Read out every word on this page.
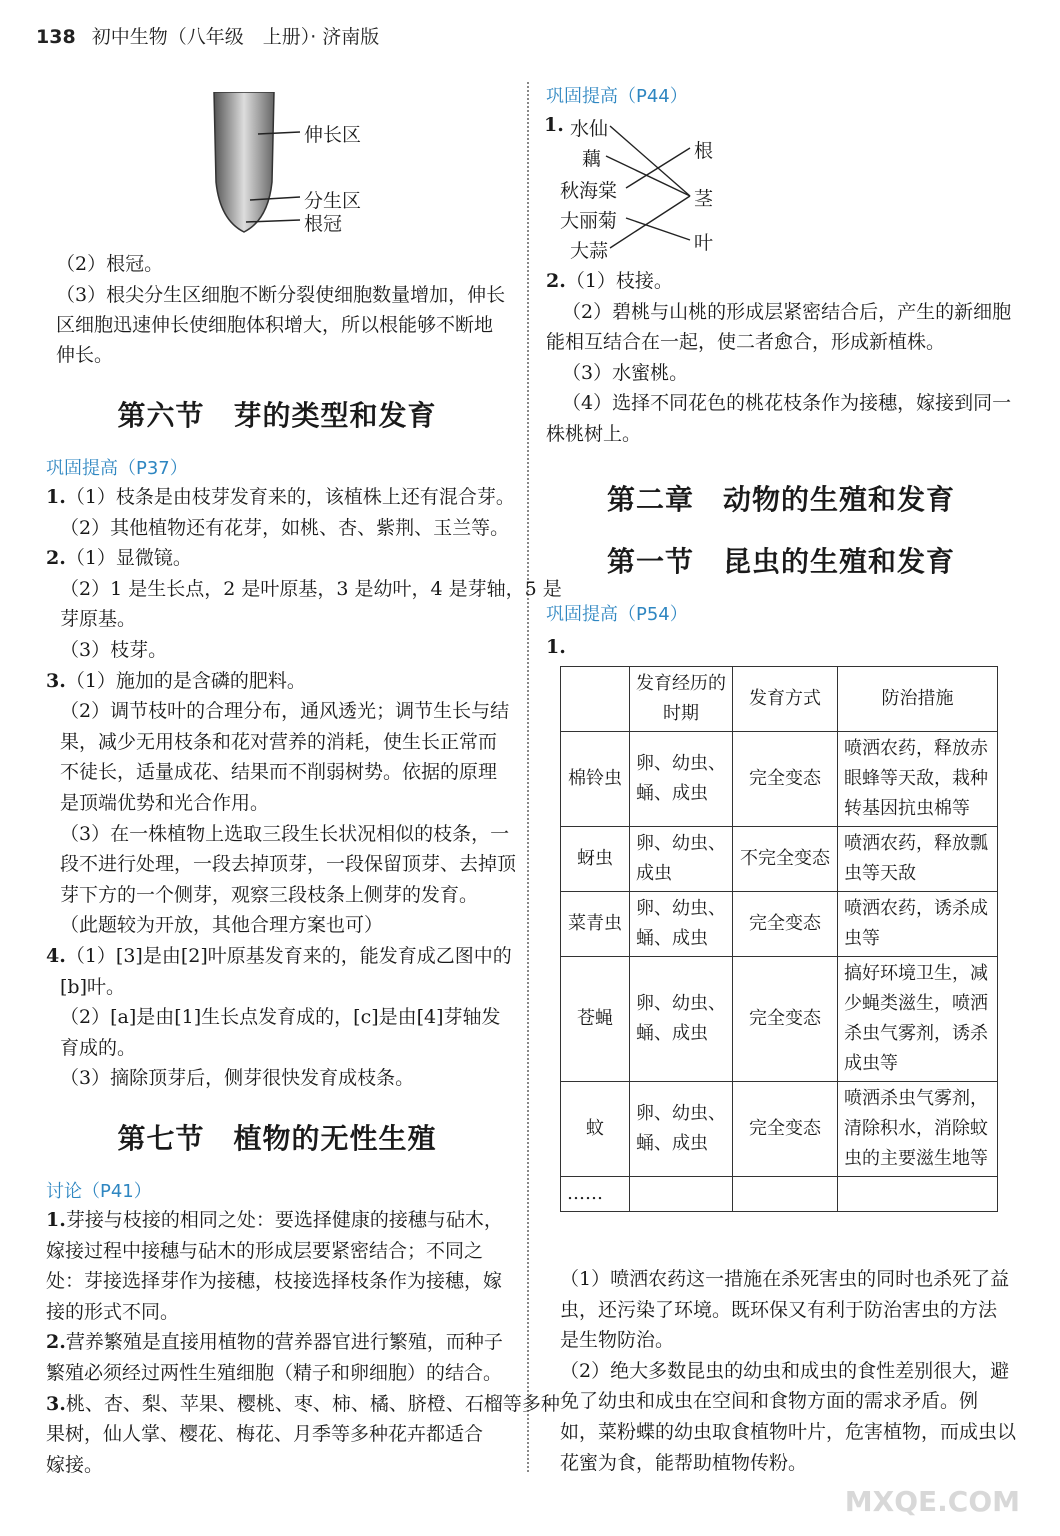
138 初中生物（八年级　上册）· 济南版
伸长区
分生区
根冠
（2）根冠。
（3）根尖分生区细胞不断分裂使细胞数量增加，伸长
区细胞迅速伸长使细胞体积增大，所以根能够不断地
伸长。
第六节　芽的类型和发育
巩固提高（P37）
1.（1）枝条是由枝芽发育来的，该植株上还有混合芽。
（2）其他植物还有花芽，如桃、杏、紫荆、玉兰等。
2.（1）显微镜。
（2）1 是生长点，2 是叶原基，3 是幼叶，4 是芽轴，5 是
芽原基。
（3）枝芽。
3.（1）施加的是含磷的肥料。
（2）调节枝叶的合理分布，通风透光；调节生长与结
果，减少无用枝条和花对营养的消耗，使生长正常而
不徒长，适量成花、结果而不削弱树势。依据的原理
是顶端优势和光合作用。
（3）在一株植物上选取三段生长状况相似的枝条，一
段不进行处理，一段去掉顶芽，一段保留顶芽、去掉顶
芽下方的一个侧芽，观察三段枝条上侧芽的发育。
（此题较为开放，其他合理方案也可）
4.（1）[3]是由[2]叶原基发育来的，能发育成乙图中的
[b]叶。
（2）[a]是由[1]生长点发育成的，[c]是由[4]芽轴发
育成的。
（3）摘除顶芽后，侧芽很快发育成枝条。
第七节　植物的无性生殖
讨论（P41）
1.芽接与枝接的相同之处：要选择健康的接穗与砧木，
嫁接过程中接穗与砧木的形成层要紧密结合；不同之
处：芽接选择芽作为接穗，枝接选择枝条作为接穗，嫁
接的形式不同。
2.营养繁殖是直接用植物的营养器官进行繁殖，而种子
繁殖必须经过两性生殖细胞（精子和卵细胞）的结合。
3.桃、杏、梨、苹果、樱桃、枣、柿、橘、脐橙、石榴等多种
果树，仙人掌、樱花、梅花、月季等多种花卉都适合
嫁接。
巩固提高（P44）
1. 水仙
藕
秋海棠
大丽菊
大蒜
根
茎
叶
2.（1）枝接。
（2）碧桃与山桃的形成层紧密结合后，产生的新细胞
能相互结合在一起，使二者愈合，形成新植株。
（3）水蜜桃。
（4）选择不同花色的桃花枝条作为接穗，嫁接到同一
株桃树上。
第二章　动物的生殖和发育
第一节　昆虫的生殖和发育
巩固提高（P54）
1.
	发育经历的时期	发育方式	防治措施
棉铃虫	卵、幼虫、蛹、成虫	完全变态	喷洒农药，释放赤眼蜂等天敌，栽种转基因抗虫棉等
蚜虫	卵、幼虫、成虫	不完全变态	喷洒农药，释放瓢虫等天敌
菜青虫	卵、幼虫、蛹、成虫	完全变态	喷洒农药，诱杀成虫等
苍蝇	卵、幼虫、蛹、成虫	完全变态	搞好环境卫生，减少蝇类滋生，喷洒杀虫气雾剂，诱杀成虫等
蚊	卵、幼虫、蛹、成虫	完全变态	喷洒杀虫气雾剂，清除积水，消除蚊虫的主要滋生地等
……			
（1）喷洒农药这一措施在杀死害虫的同时也杀死了益
虫，还污染了环境。既环保又有利于防治害虫的方法
是生物防治。
（2）绝大多数昆虫的幼虫和成虫的食性差别很大，避
免了幼虫和成虫在空间和食物方面的需求矛盾。例
如，菜粉蝶的幼虫取食植物叶片，危害植物，而成虫以
花蜜为食，能帮助植物传粉。
MXQE.COM
